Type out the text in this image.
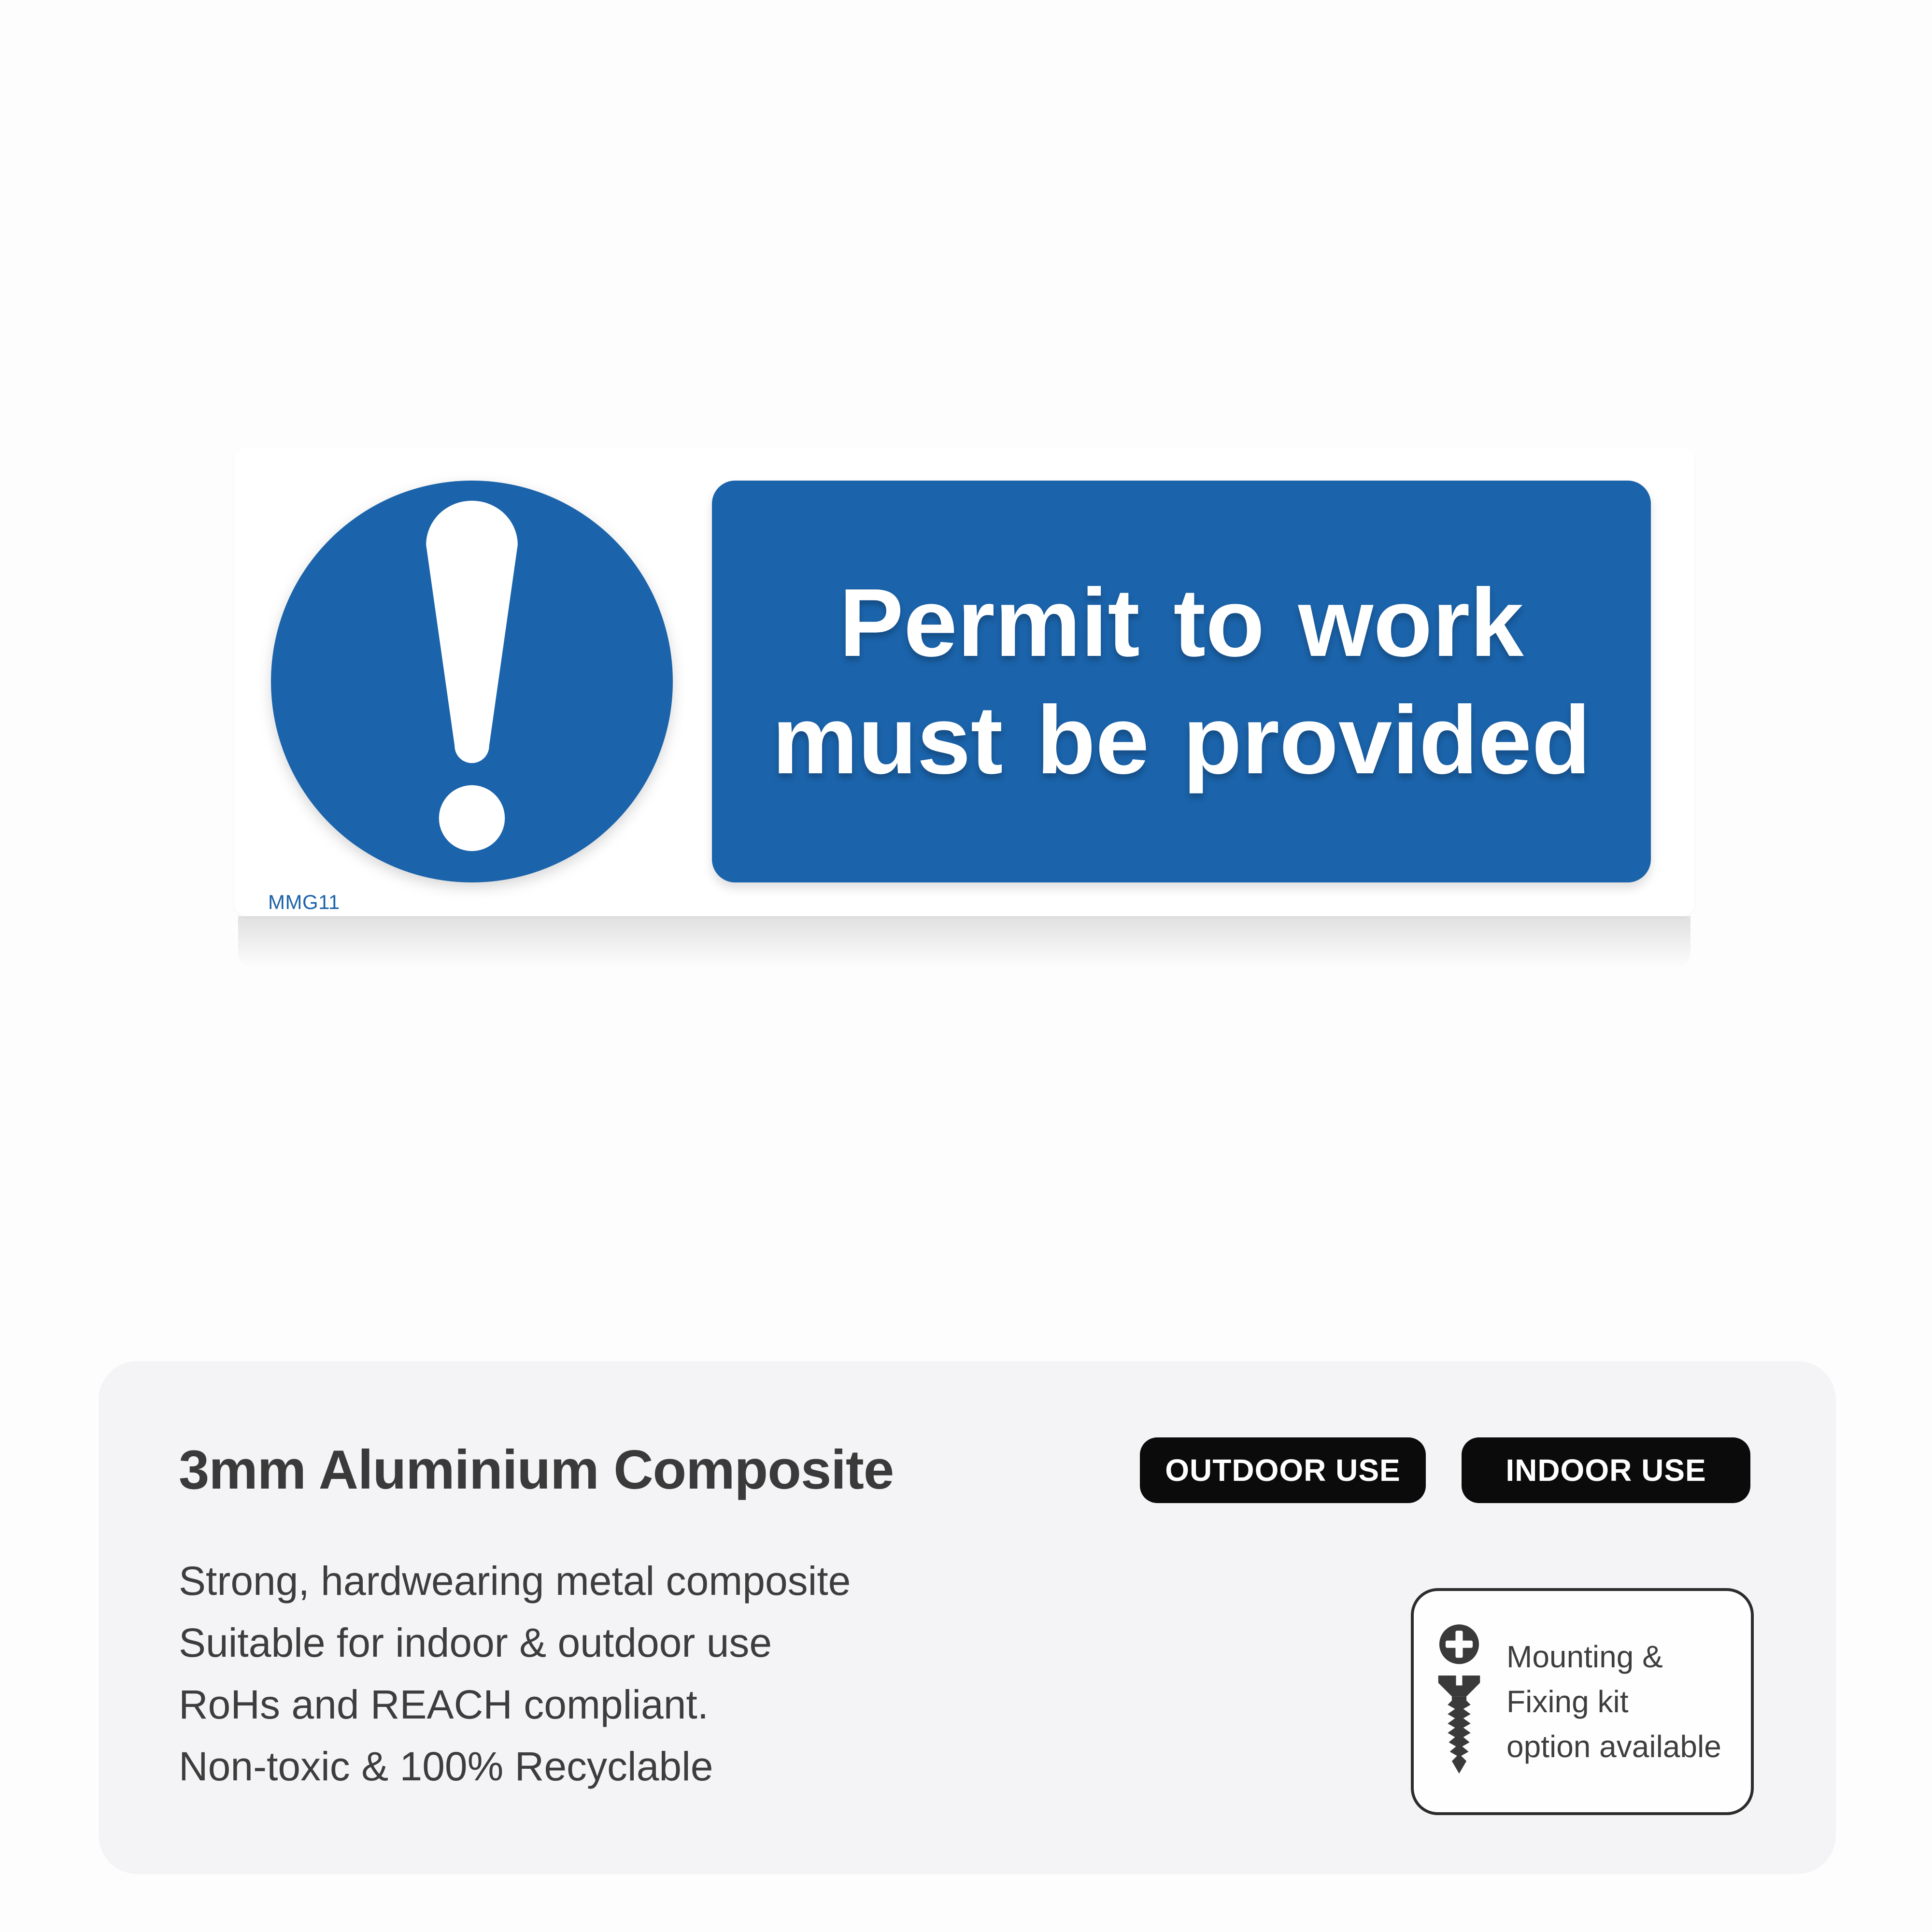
Permit to work
must be provided
MMG11
3mm Aluminium Composite	OUTDOOR USE	INDOOR USE

Strong, hardwearing metal composite

Suitable for indoor & outdoor use

RoHs and REACH compliant.

Non-toxic & 100% Recyclable

Mounting &
Fixing kit
option available
